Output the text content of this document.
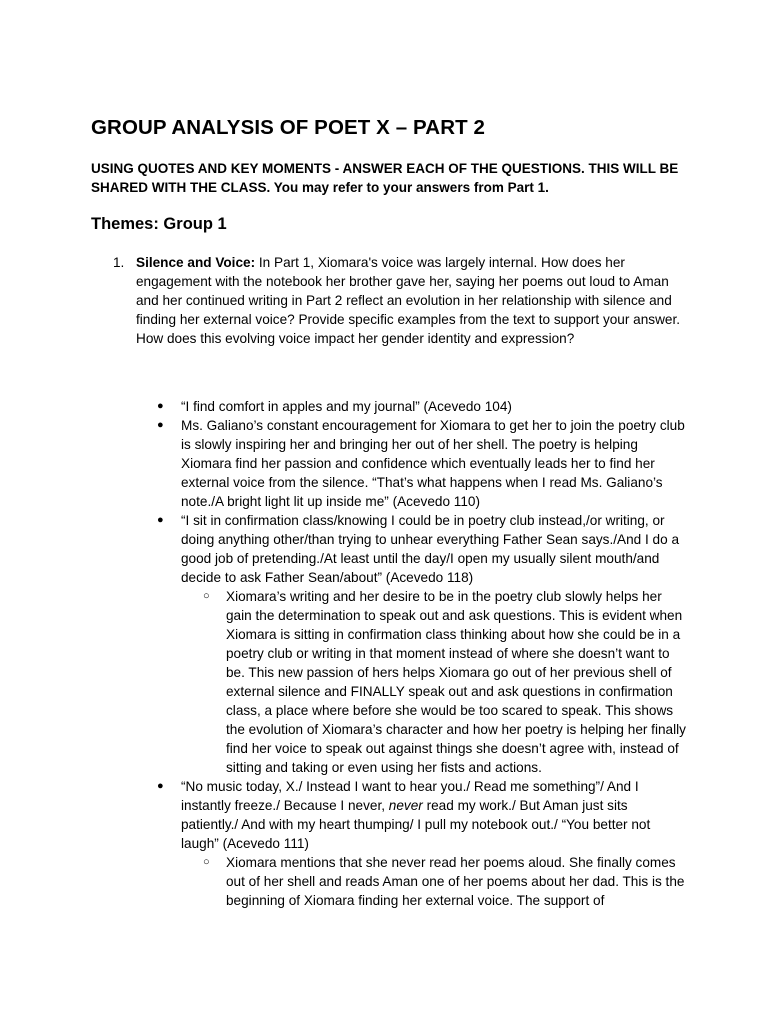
GROUP ANALYSIS OF POET X – PART 2

USING QUOTES AND KEY MOMENTS - ANSWER EACH OF THE QUESTIONS. THIS WILL BE SHARED WITH THE CLASS. You may refer to your answers from Part 1.

Themes: Group 1
1. Silence and Voice: In Part 1, Xiomara's voice was largely internal. How does her engagement with the notebook her brother gave her, saying her poems out loud to Aman and her continued writing in Part 2 reflect an evolution in her relationship with silence and finding her external voice? Provide specific examples from the text to support your answer. How does this evolving voice impact her gender identity and expression?
● “I find comfort in apples and my journal” (Acevedo 104)
● Ms. Galiano’s constant encouragement for Xiomara to get her to join the poetry club is slowly inspiring her and bringing her out of her shell. The poetry is helping Xiomara find her passion and confidence which eventually leads her to find her external voice from the silence. “That’s what happens when I read Ms. Galiano’s note./A bright light lit up inside me” (Acevedo 110)
● “I sit in confirmation class/knowing I could be in poetry club instead,/or writing, or doing anything other/than trying to unhear everything Father Sean says./And I do a good job of pretending./At least until the day/I open my usually silent mouth/and decide to ask Father Sean/about” (Acevedo 118)
○ Xiomara’s writing and her desire to be in the poetry club slowly helps her gain the determination to speak out and ask questions. This is evident when Xiomara is sitting in confirmation class thinking about how she could be in a poetry club or writing in that moment instead of where she doesn’t want to be. This new passion of hers helps Xiomara go out of her previous shell of external silence and FINALLY speak out and ask questions in confirmation class, a place where before she would be too scared to speak. This shows the evolution of Xiomara’s character and how her poetry is helping her finally find her voice to speak out against things she doesn’t agree with, instead of sitting and taking or even using her fists and actions.
● “No music today, X./ Instead I want to hear you./ Read me something”/ And I instantly freeze./ Because I never, never read my work./ But Aman just sits patiently./ And with my heart thumping/ I pull my notebook out./ “You better not laugh” (Acevedo 111)
○ Xiomara mentions that she never read her poems aloud. She finally comes out of her shell and reads Aman one of her poems about her dad. This is the beginning of Xiomara finding her external voice. The support of
